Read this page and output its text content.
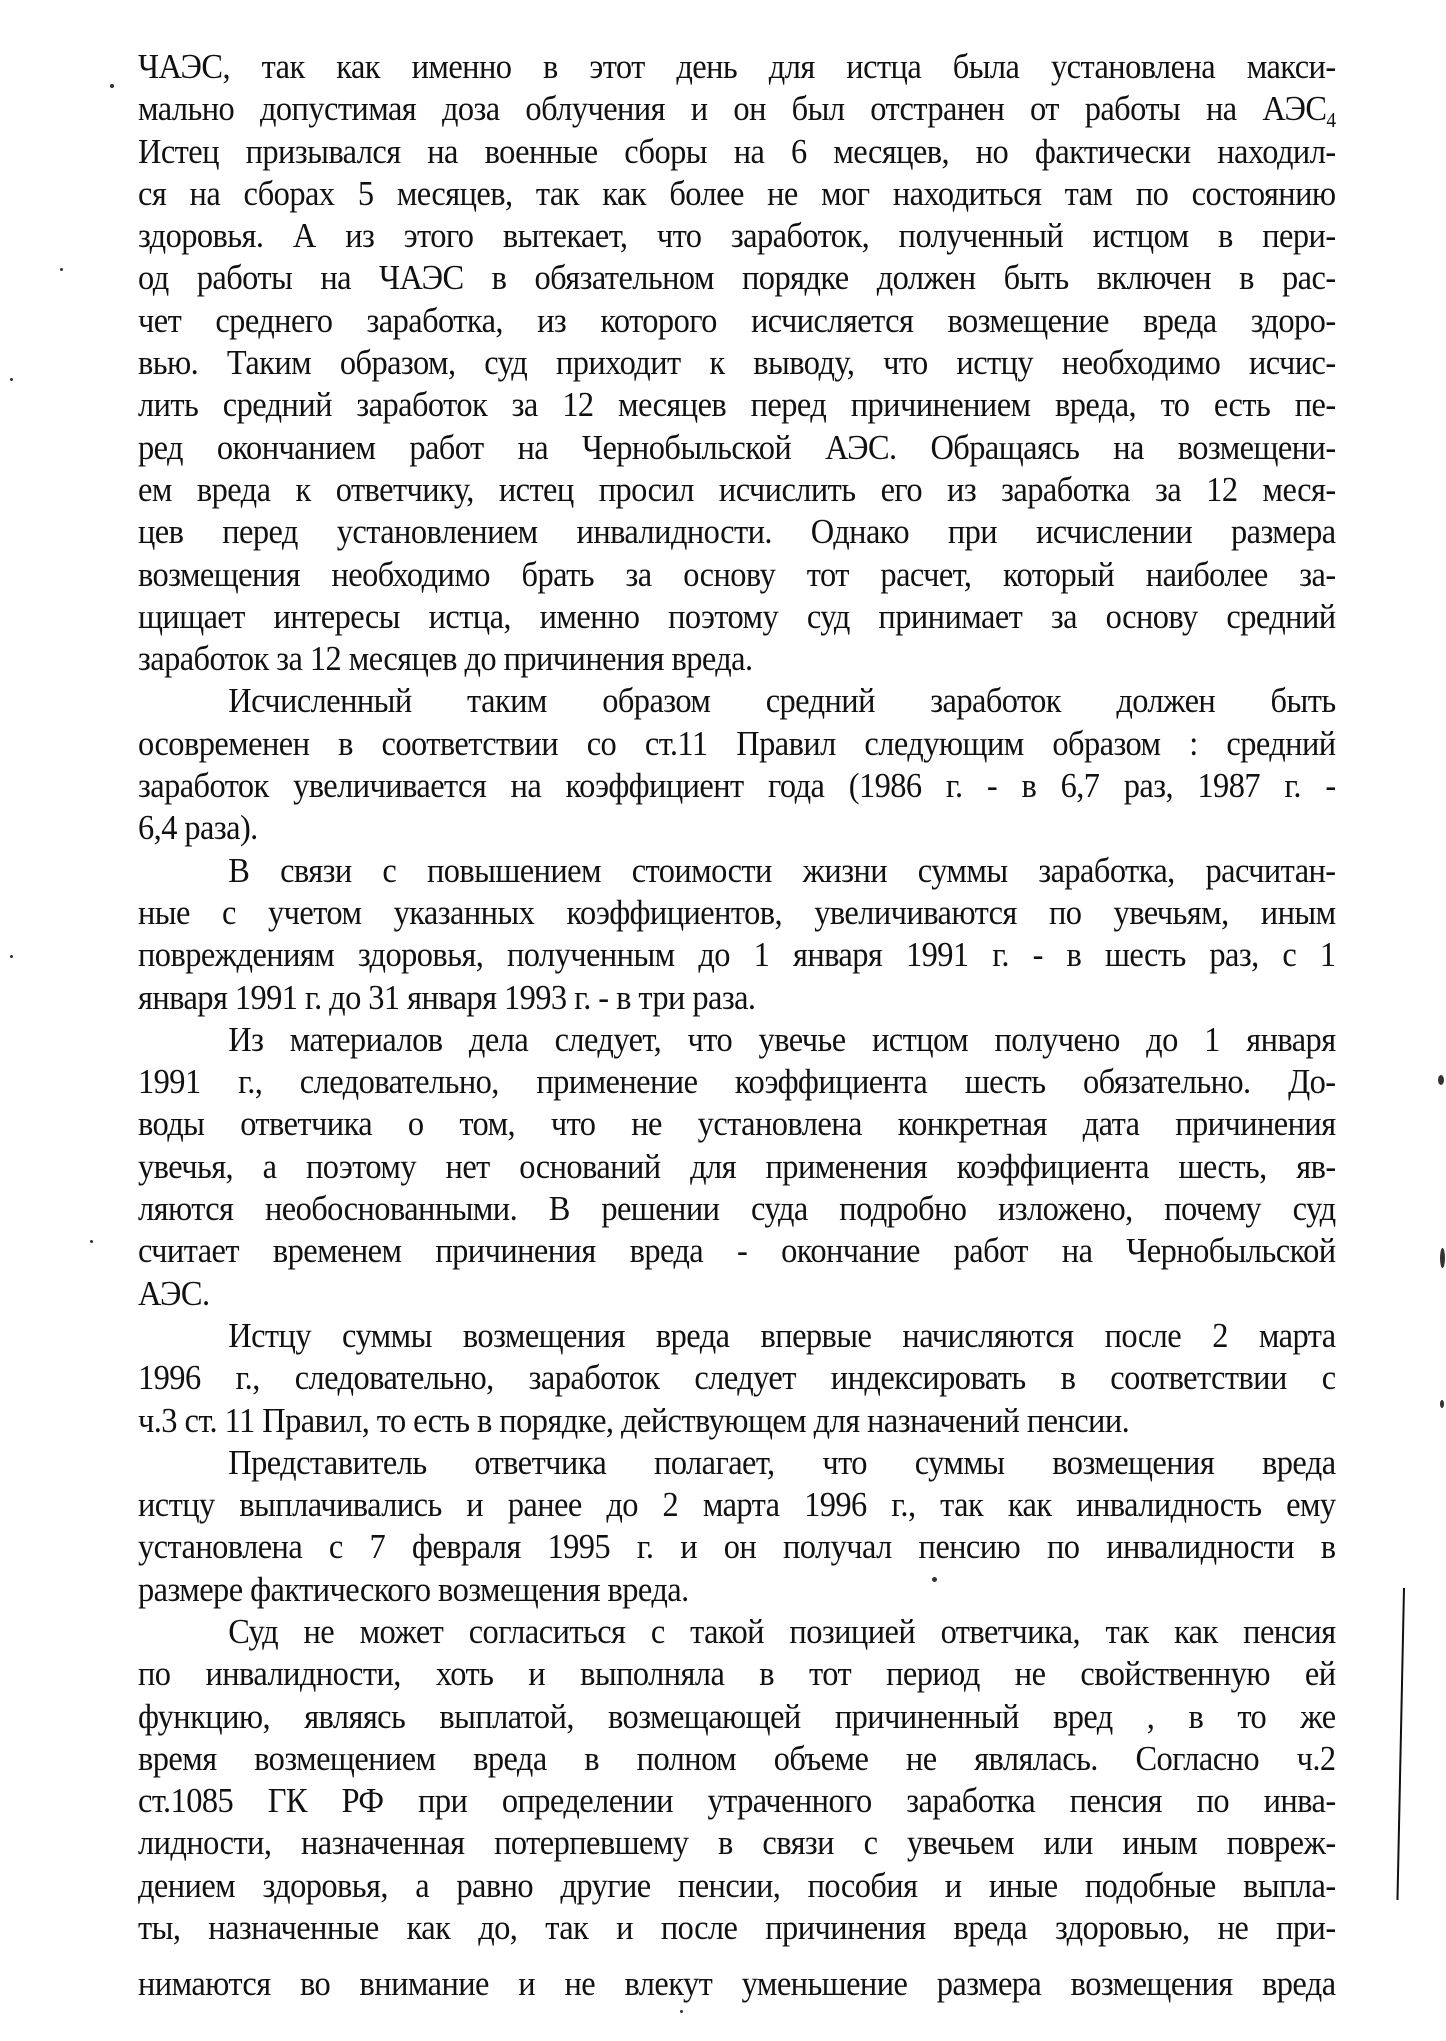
ЧАЭС, так как именно в этот день для истца была установлена макси-
мально допустимая доза облучения и он был отстранен от работы на $АЭС_4$
Истец призывался на военные сборы на 6 месяцев, но фактически находил-
ся на сборах 5 месяцев, так как более не мог находиться там по состоянию
здоровья. А из этого вытекает, что заработок, полученный истцом в пери-
од работы на ЧАЭС в обязательном порядке должен быть включен в рас-
чет среднего заработка, из которого исчисляется возмещение вреда здоро-
вью. Таким образом, суд приходит к выводу, что истцу необходимо исчис-
лить средний заработок за 12 месяцев перед причинением вреда, то есть пе-
ред окончанием работ на Чернобыльской АЭС. Обращаясь на возмещени-
ем вреда к ответчику, истец просил исчислить его из заработка за 12 меся-
цев перед установлением инвалидности. Однако при исчислении размера
возмещения необходимо брать за основу тот расчет, который наиболее за-
щищает интересы истца, именно поэтому суд принимает за основу средний
заработок за 12 месяцев до причинения вреда.
Исчисленный таким образом средний заработок должен быть
осовременен в соответствии со ст.11 Правил следующим образом : средний
заработок увеличивается на коэффициент года (1986 г. - в 6,7 раз, 1987 г. -
6,4 раза).
В связи с повышением стоимости жизни суммы заработка, расчитан-
ные с учетом указанных коэффициентов, увеличиваются по увечьям, иным
повреждениям здоровья, полученным до 1 января 1991 г. - в шесть раз, с 1
января 1991 г. до 31 января 1993 г. - в три раза.
Из материалов дела следует, что увечье истцом получено до 1 января
1991 г., следовательно, применение коэффициента шесть обязательно. До-
воды ответчика о том, что не установлена конкретная дата причинения
увечья, а поэтому нет оснований для применения коэффициента шесть, яв-
ляются необоснованными. В решении суда подробно изложено, почему суд
считает временем причинения вреда - окончание работ на Чернобыльской
АЭС.
Истцу суммы возмещения вреда впервые начисляются после 2 марта
1996 г., следовательно, заработок следует индексировать в соответствии с
ч.3 ст. 11 Правил, то есть в порядке, действующем для назначений пенсии.
Представитель ответчика полагает, что суммы возмещения вреда
истцу выплачивались и ранее до 2 марта 1996 г., так как инвалидность ему
установлена с 7 февраля 1995 г. и он получал пенсию по инвалидности в
размере фактического возмещения вреда.
Суд не может согласиться с такой позицией ответчика, так как пенсия
по инвалидности, хоть и выполняла в тот период не свойственную ей
функцию, являясь выплатой, возмещающей причиненный вред , в то же
время возмещением вреда в полном объеме не являлась. Согласно ч.2
ст.1085 ГК РФ при определении утраченного заработка пенсия по инва-
лидности, назначенная потерпевшему в связи с увечьем или иным повреж-
дением здоровья, а равно другие пенсии, пособия и иные подобные выпла-
ты, назначенные как до, так и после причинения вреда здоровью, не при-
нимаются во внимание и не влекут уменьшение размера возмещения вреда
